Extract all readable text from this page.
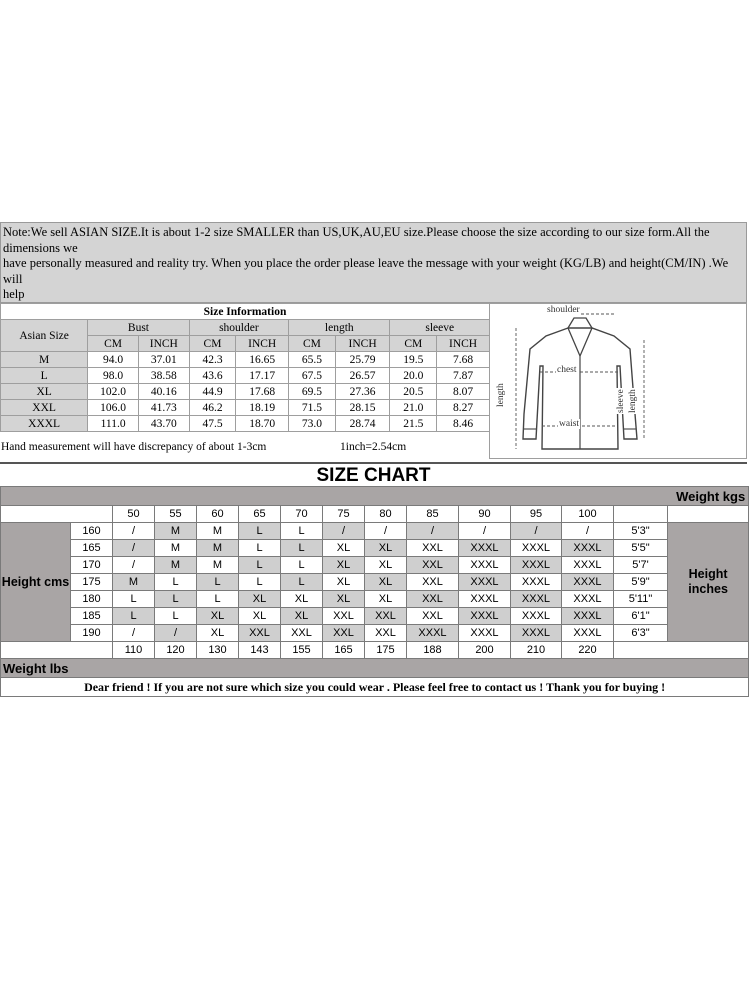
Note:We sell ASIAN SIZE.It is about 1-2 size SMALLER than US,UK,AU,EU size.Please choose the size according to our size form.All the
dimensions we
have personally measured and reality try. When you place the order please leave the message with your weight (KG/LB) and height(CM/IN) .We will
help
Size Information								
Asian Size	Bust		shoulder		length		sleeve	
	CM	INCH	CM	INCH	CM	INCH	CM	INCH
M	94.0	37.01	42.3	16.65	65.5	25.79	19.5	7.68
L	98.0	38.58	43.6	17.17	67.5	26.57	20.0	7.87
XL	102.0	40.16	44.9	17.68	69.5	27.36	20.5	8.07
XXL	106.0	41.73	46.2	18.19	71.5	28.15	21.0	8.27
XXXL	111.0	43.70	47.5	18.70	73.0	28.74	21.5	8.46
Hand measurement will have discrepancy of about 1-3cm	1inch=2.54cm
shoulder
chest
waist
length	sleeve length
SIZE CHART
Weight kgs														
		50	55	60	65	70	75	80	85	90	95	100		
Height cms	160	/	M	M	L	L	/	/	/	/	/	/	5'3"	Height inches
	165	/	M	M	L	L	XL	XL	XXL	XXXL	XXXL	XXXL	5'5"	
	170	/	M	M	L	L	XL	XL	XXL	XXXL	XXXL	XXXL	5'7'	
	175	M	L	L	L	L	XL	XL	XXL	XXXL	XXXL	XXXL	5'9"	
	180	L	L	L	XL	XL	XL	XL	XXL	XXXL	XXXL	XXXL	5'11"	
	185	L	L	XL	XL	XL	XXL	XXL	XXL	XXXL	XXXL	XXXL	6'1"	
	190	/	/	XL	XXL	XXL	XXL	XXL	XXXL	XXXL	XXXL	XXXL	6'3"	
		110	120	130	143	155	165	175	188	200	210	220		
Weight lbs														
Dear friend ! If you are not sure which size you could wear . Please feel free to contact us ! Thank you for buying !														
